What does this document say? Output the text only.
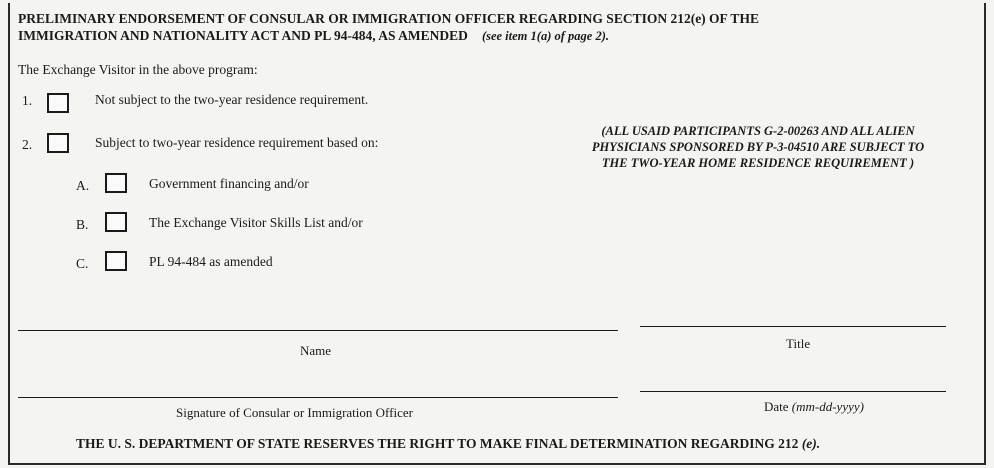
PRELIMINARY ENDORSEMENT OF CONSULAR OR IMMIGRATION OFFICER REGARDING SECTION 212(e) OF THE
IMMIGRATION AND NATIONALITY ACT AND PL 94-484, AS AMENDED (see item 1(a) of page 2).
The Exchange Visitor in the above program:
1.	Not subject to the two-year residence requirement.
2.	Subject to two-year residence requirement based on:
(ALL USAID PARTICIPANTS G-2-00263 AND ALL ALIEN
PHYSICIANS SPONSORED BY P-3-04510 ARE SUBJECT TO
THE TWO-YEAR HOME RESIDENCE REQUIREMENT )
A.	Government financing and/or
B.	The Exchange Visitor Skills List and/or
C.	PL 94-484 as amended
Name	Title
Signature of Consular or Immigration Officer	Date (mm-dd-yyyy)
THE U. S. DEPARTMENT OF STATE RESERVES THE RIGHT TO MAKE FINAL DETERMINATION REGARDING 212 (e).
